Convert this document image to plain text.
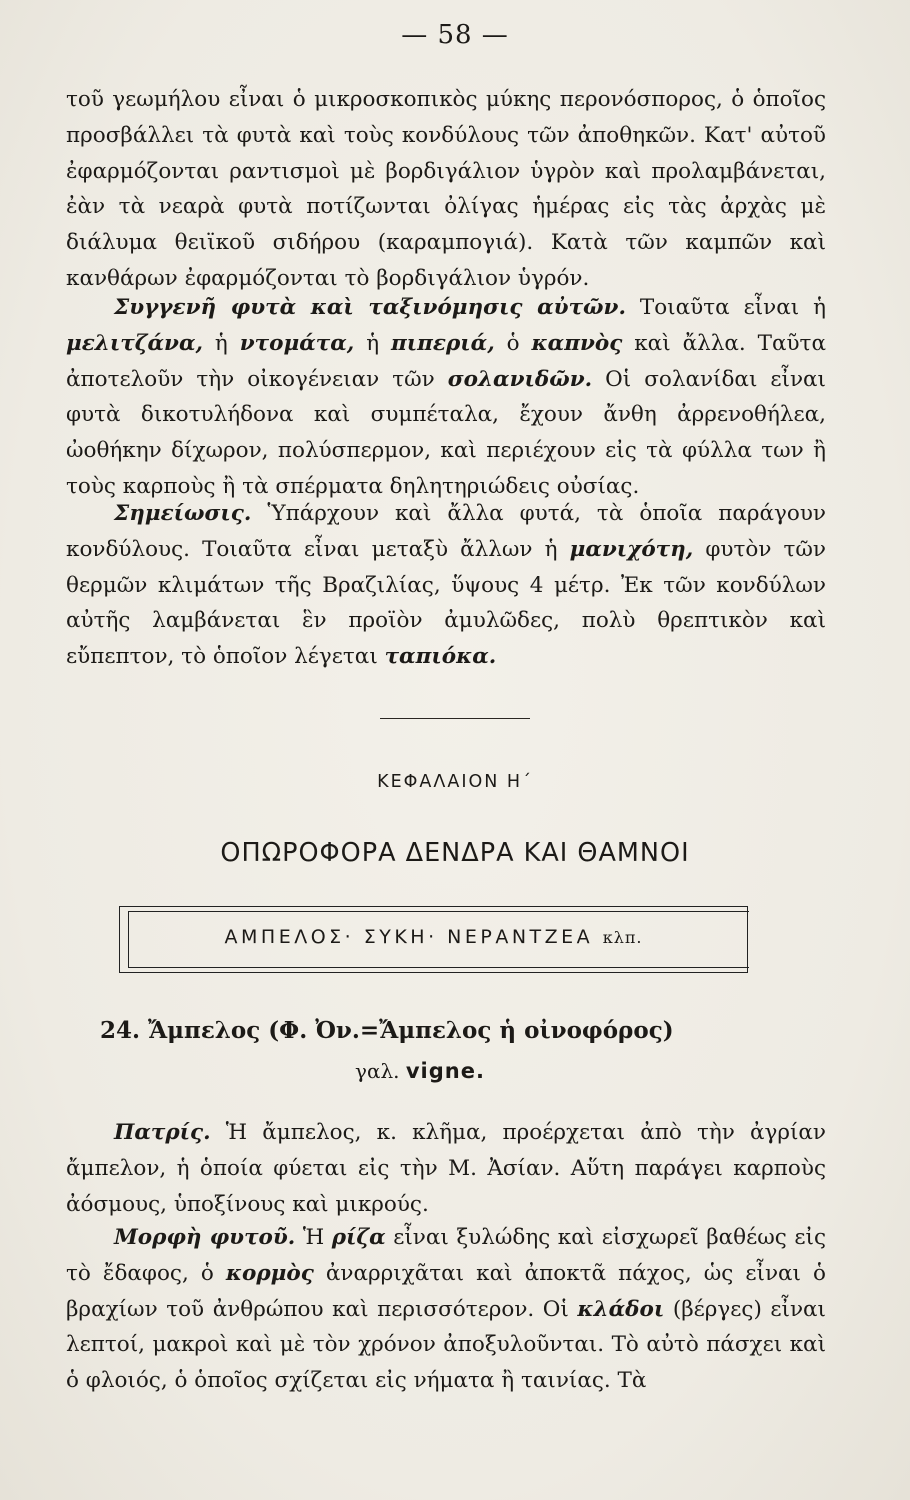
— 58 —

τοῦ γεωμήλου εἶναι ὁ μικροσκοπικὸς μύκης περονόσπορος, ὁ ὁποῖος προσβάλλει τὰ φυτὰ καὶ τοὺς κονδύλους τῶν ἀποθηκῶν. Κατ' αὐτοῦ ἐφαρμόζονται ραντισμοὶ μὲ βορδιγάλιον ὑγρὸν καὶ προλαμβάνεται, ἐὰν τὰ νεαρὰ φυτὰ ποτίζωνται ὀλίγας ἡμέρας εἰς τὰς ἀρχὰς μὲ διάλυμα θειϊκοῦ σιδήρου (καραμπογιά). Κατὰ τῶν καμπῶν καὶ κανθάρων ἐφαρμόζονται τὸ βορδιγάλιον ὑγρόν.

Συγγενῆ φυτὰ καὶ ταξινόμησις αὐτῶν. Τοιαῦτα εἶναι ἡ μελιτζάνα, ἡ ντομάτα, ἡ πιπεριά, ὁ καπνὸς καὶ ἄλλα. Ταῦτα ἀποτελοῦν τὴν οἰκογένειαν τῶν σολανιδῶν. Οἱ σολανίδαι εἶναι φυτὰ δικοτυλήδονα καὶ συμπέταλα, ἔχουν ἄνθη ἀρρενοθήλεα, ὠοθήκην δίχωρον, πολύσπερμον, καὶ περιέχουν εἰς τὰ φύλλα των ἢ τοὺς καρποὺς ἢ τὰ σπέρματα δηλητηριώδεις οὐσίας.

Σημείωσις. Ὑπάρχουν καὶ ἄλλα φυτά, τὰ ὁποῖα παράγουν κονδύλους. Τοιαῦτα εἶναι μεταξὺ ἄλλων ἡ μανιχότη, φυτὸν τῶν θερμῶν κλιμάτων τῆς Βραζιλίας, ὕψους 4 μέτρ. Ἐκ τῶν κονδύλων αὐτῆς λαμβάνεται ἓν προϊὸν ἀμυλῶδες, πολὺ θρεπτικὸν καὶ εὔπεπτον, τὸ ὁποῖον λέγεται ταπιόκα.

ΚΕΦΑΛΑΙΟΝ Η΄
ΟΠΩΡΟΦΟΡΑ ΔΕΝΔΡΑ ΚΑΙ ΘΑΜΝΟΙ
ΑΜΠΕΛΟΣ· ΣΥΚΗ· ΝΕΡΑΝΤΖΕΑ κλπ.
24. Ἄμπελος (Φ. Ὀν.=Ἄμπελος ἡ οἰνοφόρος)
γαλ. vigne.

Πατρίς. Ἡ ἄμπελος, κ. κλῆμα, προέρχεται ἀπὸ τὴν ἀγρίαν ἄμπελον, ἡ ὁποία φύεται εἰς τὴν Μ. Ἀσίαν. Αὕτη παράγει καρποὺς ἀόσμους, ὑποξίνους καὶ μικρούς.

Μορφὴ φυτοῦ. Ἡ ρίζα εἶναι ξυλώδης καὶ εἰσχωρεῖ βαθέως εἰς τὸ ἔδαφος, ὁ κορμὸς ἀναρριχᾶται καὶ ἀποκτᾶ πάχος, ὡς εἶναι ὁ βραχίων τοῦ ἀνθρώπου καὶ περισσότερον. Οἱ κλάδοι (βέργες) εἶναι λεπτοί, μακροὶ καὶ μὲ τὸν χρόνον ἀποξυλοῦνται. Τὸ αὐτὸ πάσχει καὶ ὁ φλοιός, ὁ ὁποῖος σχίζεται εἰς νήματα ἢ ταινίας. Τὰ
